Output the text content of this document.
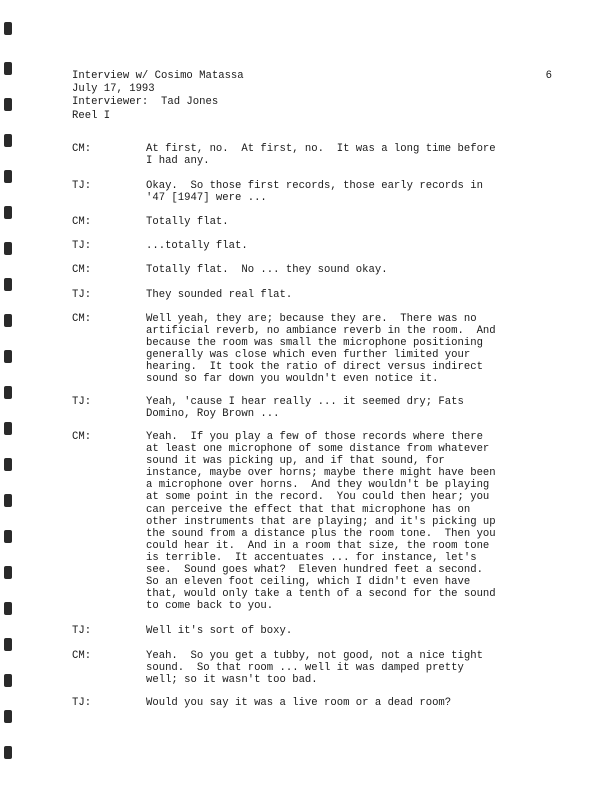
Interview w/ Cosimo Matassa
July 17, 1993
Interviewer:  Tad Jones
Reel I
6
CM:	At first, no.  At first, no.  It was a long time before
I had any.
TJ:	Okay.  So those first records, those early records in
'47 [1947] were ...
CM:	Totally flat.
TJ:	...totally flat.
CM:	Totally flat.  No ... they sound okay.
TJ:	They sounded real flat.
CM:	Well yeah, they are; because they are.  There was no
artificial reverb, no ambiance reverb in the room.  And
because the room was small the microphone positioning
generally was close which even further limited your
hearing.  It took the ratio of direct versus indirect
sound so far down you wouldn't even notice it.
TJ:	Yeah, 'cause I hear really ... it seemed dry; Fats
Domino, Roy Brown ...
CM:	Yeah.  If you play a few of those records where there
at least one microphone of some distance from whatever
sound it was picking up, and if that sound, for
instance, maybe over horns; maybe there might have been
a microphone over horns.  And they wouldn't be playing
at some point in the record.  You could then hear; you
can perceive the effect that that microphone has on
other instruments that are playing; and it's picking up
the sound from a distance plus the room tone.  Then you
could hear it.  And in a room that size, the room tone
is terrible.  It accentuates ... for instance, let's
see.  Sound goes what?  Eleven hundred feet a second.
So an eleven foot ceiling, which I didn't even have
that, would only take a tenth of a second for the sound
to come back to you.
TJ:	Well it's sort of boxy.
CM:	Yeah.  So you get a tubby, not good, not a nice tight
sound.  So that room ... well it was damped pretty
well; so it wasn't too bad.
TJ:	Would you say it was a live room or a dead room?
